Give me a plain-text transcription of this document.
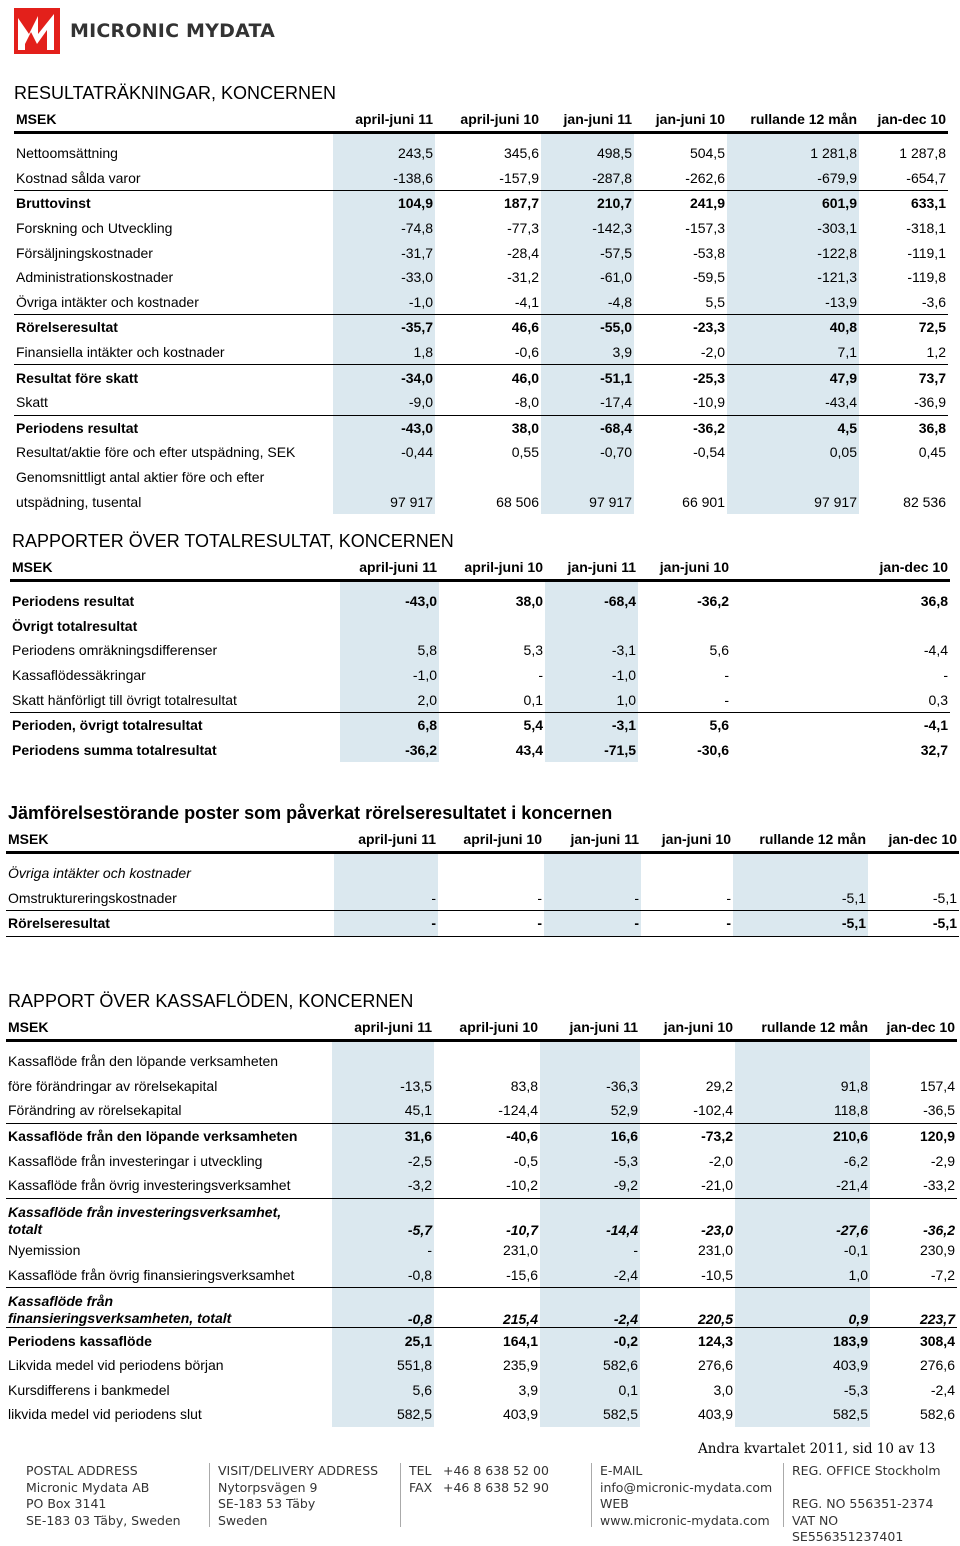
MICRONIC MYDATA
RESULTATRÄKNINGAR, KONCERNEN
MSEK	april-juni 11	april-juni 10	jan-juni 11	jan-juni 10	rullande 12 mån	jan-dec 10

Nettoomsättning	243,5	345,6	498,5	504,5	1 281,8	1 287,8
Kostnad sålda varor	-138,6	-157,9	-287,8	-262,6	-679,9	-654,7
Bruttovinst	104,9	187,7	210,7	241,9	601,9	633,1
Forskning och Utveckling	-74,8	-77,3	-142,3	-157,3	-303,1	-318,1
Försäljningskostnader	-31,7	-28,4	-57,5	-53,8	-122,8	-119,1
Administrationskostnader	-33,0	-31,2	-61,0	-59,5	-121,3	-119,8
Övriga intäkter och kostnader	-1,0	-4,1	-4,8	5,5	-13,9	-3,6
Rörelseresultat	-35,7	46,6	-55,0	-23,3	40,8	72,5
Finansiella intäkter och kostnader	1,8	-0,6	3,9	-2,0	7,1	1,2
Resultat före skatt	-34,0	46,0	-51,1	-25,3	47,9	73,7
Skatt	-9,0	-8,0	-17,4	-10,9	-43,4	-36,9
Periodens resultat	-43,0	38,0	-68,4	-36,2	4,5	36,8
Resultat/aktie före och efter utspädning, SEK	-0,44	0,55	-0,70	-0,54	0,05	0,45
Genomsnittligt antal aktier före och efter						
utspädning, tusental	97 917	68 506	97 917	66 901	97 917	82 536
RAPPORTER ÖVER TOTALRESULTAT, KONCERNEN
MSEK	april-juni 11	april-juni 10	jan-juni 11	jan-juni 10		jan-dec 10

Periodens resultat	-43,0	38,0	-68,4	-36,2		36,8
Övrigt totalresultat						
Periodens omräkningsdifferenser	5,8	5,3	-3,1	5,6		-4,4
Kassaflödessäkringar	-1,0	-	-1,0	-		-
Skatt hänförligt till övrigt totalresultat	2,0	0,1	1,0	-		0,3
Perioden, övrigt totalresultat	6,8	5,4	-3,1	5,6		-4,1
Periodens summa totalresultat	-36,2	43,4	-71,5	-30,6		32,7
Jämförelsestörande poster som påverkat rörelseresultatet i koncernen
MSEK	april-juni 11	april-juni 10	jan-juni 11	jan-juni 10	rullande 12 mån	jan-dec 10

Övriga intäkter och kostnader						
Omstruktureringskostnader	-	-	-	-	-5,1	-5,1
Rörelseresultat	-	-	-	-	-5,1	-5,1
RAPPORT ÖVER KASSAFLÖDEN, KONCERNEN
MSEK	april-juni 11	april-juni 10	jan-juni 11	jan-juni 10	rullande 12 mån	jan-dec 10

Kassaflöde från den löpande verksamheten						
före förändringar av rörelsekapital	-13,5	83,8	-36,3	29,2	91,8	157,4
Förändring av rörelsekapital	45,1	-124,4	52,9	-102,4	118,8	-36,5
Kassaflöde från den löpande verksamheten	31,6	-40,6	16,6	-73,2	210,6	120,9
Kassaflöde från investeringar i utveckling	-2,5	-0,5	-5,3	-2,0	-6,2	-2,9
Kassaflöde från övrig investeringsverksamhet	-3,2	-10,2	-9,2	-21,0	-21,4	-33,2

Kassaflöde från investeringsverksamhet,
totalt	-5,7	-10,7	-14,4	-23,0	-27,6	-36,2
Nyemission	-	231,0	-	231,0	-0,1	230,9
Kassaflöde från övrig finansieringsverksamhet	-0,8	-15,6	-2,4	-10,5	1,0	-7,2

Kassaflöde från
finansieringsverksamheten, totalt	-0,8	215,4	-2,4	220,5	0,9	223,7
Periodens kassaflöde	25,1	164,1	-0,2	124,3	183,9	308,4
Likvida medel vid periodens början	551,8	235,9	582,6	276,6	403,9	276,6
Kursdifferens i bankmedel	5,6	3,9	0,1	3,0	-5,3	-2,4
likvida medel vid periodens slut	582,5	403,9	582,5	403,9	582,5	582,6
Andra kvartalet 2011, sid 10 av 13
POSTAL ADDRESS
Micronic Mydata AB
PO Box 3141
SE-183 03 Täby, Sweden
VISIT/DELIVERY ADDRESS
Nytorpsvägen 9
SE-183 53 Täby
Sweden
TEL +46 8 638 52 00
FAX +46 8 638 52 90
E-MAIL
info@micronic-mydata.com
WEB
www.micronic-mydata.com
REG. OFFICE Stockholm
REG. NO 556351-2374
VAT NO SE556351237401
